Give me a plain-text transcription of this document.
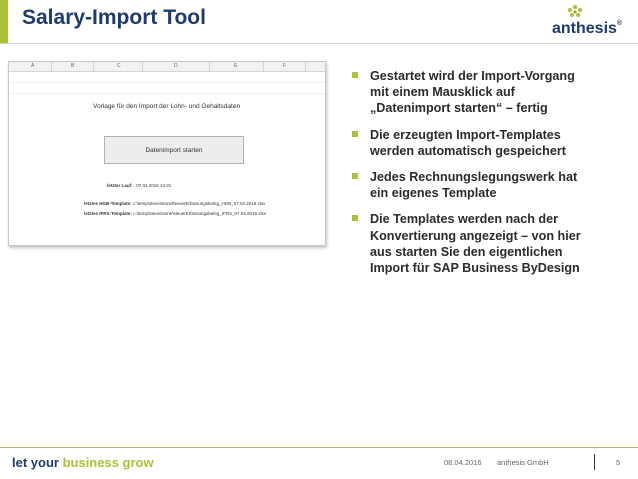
Salary-Import Tool	anthesis®
A	B	C	D	E	F
Vorlage für den Import der Lohn- und Gehaltsdaten
Datenimport starten
letzter Lauf: 07.04.2016 14:31
letztes HGB-Template: c:\temp\steve\stone\NeuerErfassungsbeleg_HGB_07.04.2016.xlsx
letztes IFRS-Template: c:\temp\steve\stone\NeuerErfassungsbeleg_IFRS_07.04.2016.xlsx
Gestartet wird der Import-Vorgang mit einem Mausklick auf „Datenimport starten“ – fertig
Die erzeugten Import-Templates werden automatisch gespeichert
Jedes Rechnungslegungswerk hat ein eigenes Template
Die Templates werden nach der Konvertierung angezeigt – von hier aus starten Sie den eigentlichen Import für SAP Business ByDesign
let your business grow	08.04.2016 anthesis GmbH	5
